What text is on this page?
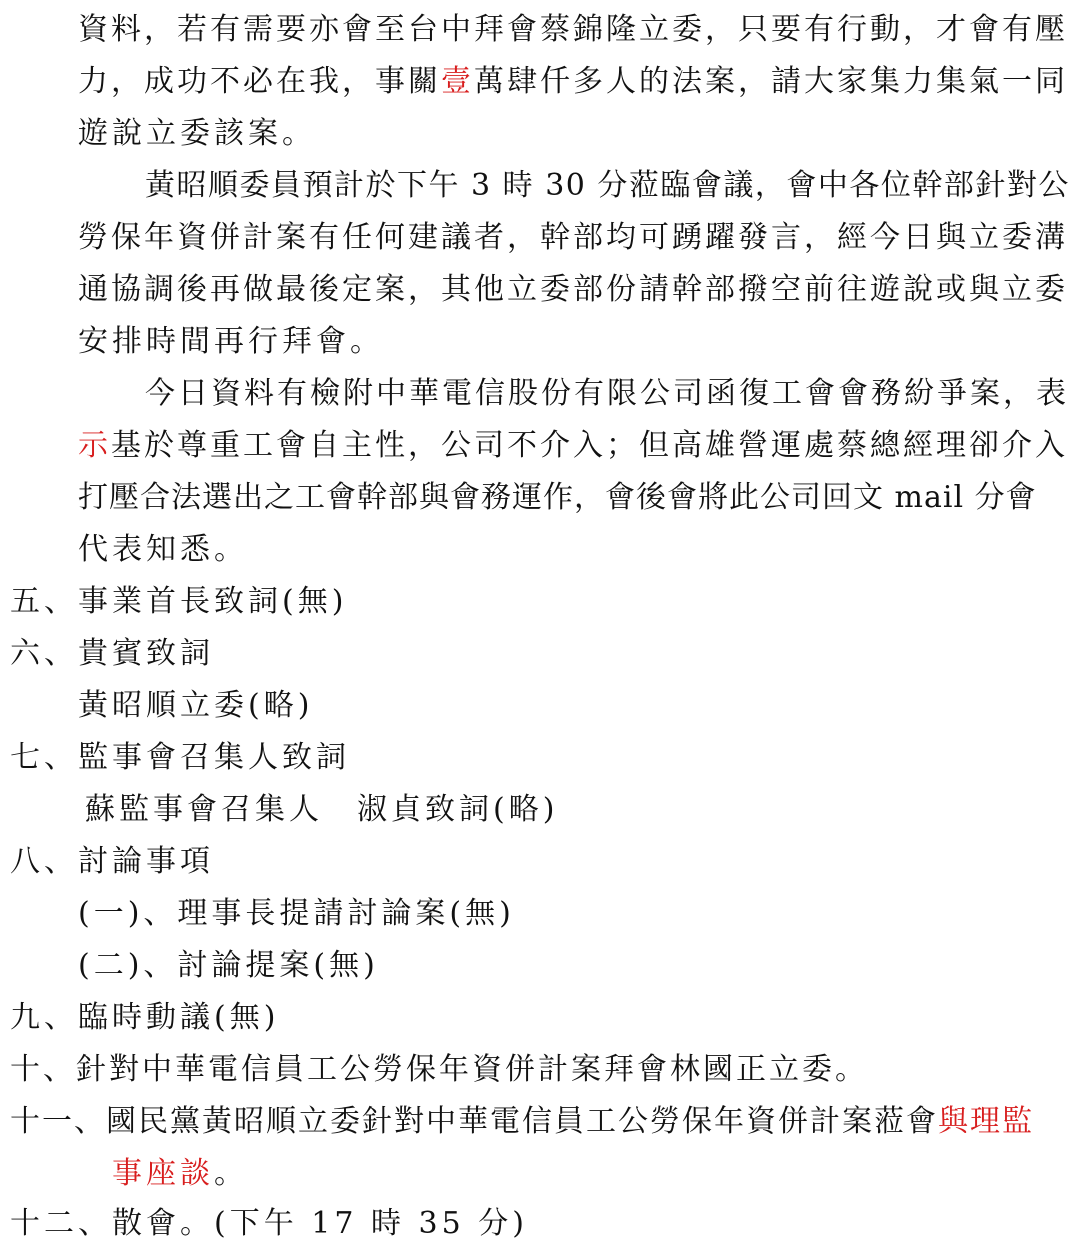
資料，若有需要亦會至台中拜會蔡錦隆立委，只要有行動，才會有壓
力，成功不必在我，事關壹萬肆仟多人的法案，請大家集力集氣一同
遊說立委該案。
黃昭順委員預計於下午 3 時 30 分蒞臨會議，會中各位幹部針對公
勞保年資併計案有任何建議者，幹部均可踴躍發言，經今日與立委溝
通協調後再做最後定案，其他立委部份請幹部撥空前往遊說或與立委
安排時間再行拜會。
今日資料有檢附中華電信股份有限公司函復工會會務紛爭案，表
示基於尊重工會自主性，公司不介入；但高雄營運處蔡總經理卻介入
打壓合法選出之工會幹部與會務運作，會後會將此公司回文 mail 分會
代表知悉。
五、事業首長致詞(無)
六、貴賓致詞
黃昭順立委(略)
七、監事會召集人致詞
蘇監事會召集人　淑貞致詞(略)
八、討論事項
(一)、理事長提請討論案(無)
(二)、討論提案(無)
九、臨時動議(無)
十、針對中華電信員工公勞保年資併計案拜會林國正立委。
十一、國民黨黃昭順立委針對中華電信員工公勞保年資併計案蒞會與理監
事座談。
十二、散會。(下午 17 時 35 分)
